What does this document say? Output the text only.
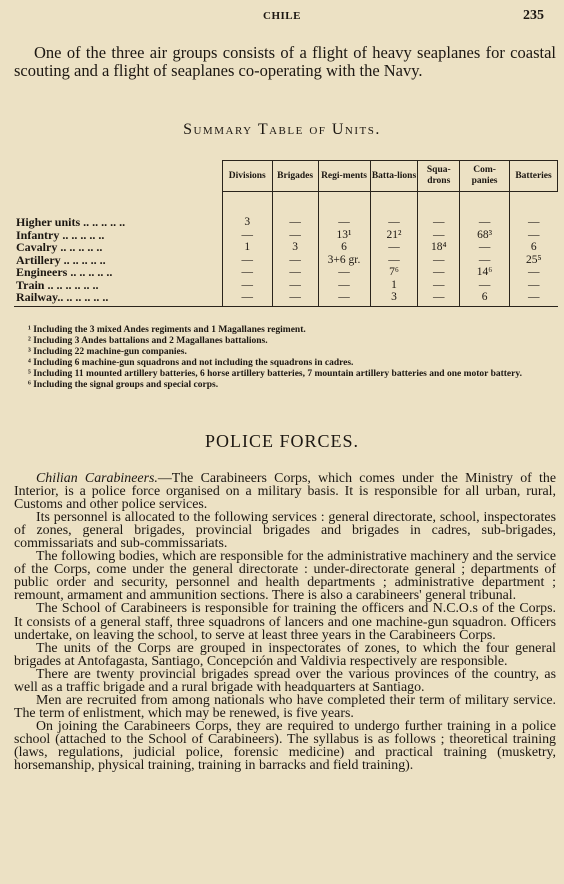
CHILE	235

One of the three air groups consists of a flight of heavy seaplanes for coastal scouting and a flight of seaplanes co-operating with the Navy.

Summary Table of Units.
	Divisions	Brigades	Regi-ments	Batta-lions	Squa-drons	Com-panies	Batteries

Higher units .. .. .. .. ..	3	—	—	—	—	—	—
Infantry .. .. .. .. ..	—	—	13¹	21²	—	68³	—
Cavalry .. .. .. .. ..	1	3	6	—	18⁴	—	6
Artillery .. .. .. .. ..	—	—	3+6 gr.	—	—	—	25⁵
Engineers .. .. .. .. ..	—	—	—	7⁶	—	14⁶	—
Train .. .. .. .. .. ..	—	—	—	1	—	—	—
Railway.. .. .. .. .. ..	—	—	—	3	—	6	—
¹ Including the 3 mixed Andes regiments and 1 Magallanes regiment.
² Including 3 Andes battalions and 2 Magallanes battalions.
³ Including 22 machine-gun companies.
⁴ Including 6 machine-gun squadrons and not including the squadrons in cadres.
⁵ Including 11 mounted artillery batteries, 6 horse artillery batteries, 7 mountain artillery batteries and one motor battery.
⁶ Including the signal groups and special corps.
POLICE FORCES.

Chilian Carabineers.—The Carabineers Corps, which comes under the Ministry of the Interior, is a police force organised on a military basis. It is responsible for all urban, rural, Customs and other police services.

Its personnel is allocated to the following services : general directorate, school, inspectorates of zones, general brigades, provincial brigades and brigades in cadres, sub-brigades, commissariats and sub-commissariats.

The following bodies, which are responsible for the administrative machinery and the service of the Corps, come under the general directorate : under-directorate general ; departments of public order and security, personnel and health departments ; administrative department ; remount, armament and ammunition sections. There is also a carabineers' general tribunal.

The School of Carabineers is responsible for training the officers and N.C.O.s of the Corps. It consists of a general staff, three squadrons of lancers and one machine-gun squadron. Officers undertake, on leaving the school, to serve at least three years in the Carabineers Corps.

The units of the Corps are grouped in inspectorates of zones, to which the four general brigades at Antofagasta, Santiago, Concepción and Valdivia respectively are responsible.

There are twenty provincial brigades spread over the various provinces of the country, as well as a traffic brigade and a rural brigade with headquarters at Santiago.

Men are recruited from among nationals who have completed their term of military service. The term of enlistment, which may be renewed, is five years.

On joining the Carabineers Corps, they are required to undergo further training in a police school (attached to the School of Carabineers). The syllabus is as follows ; theoretical training (laws, regulations, judicial police, forensic medicine) and practical training (musketry, horsemanship, physical training, training in barracks and field training).
